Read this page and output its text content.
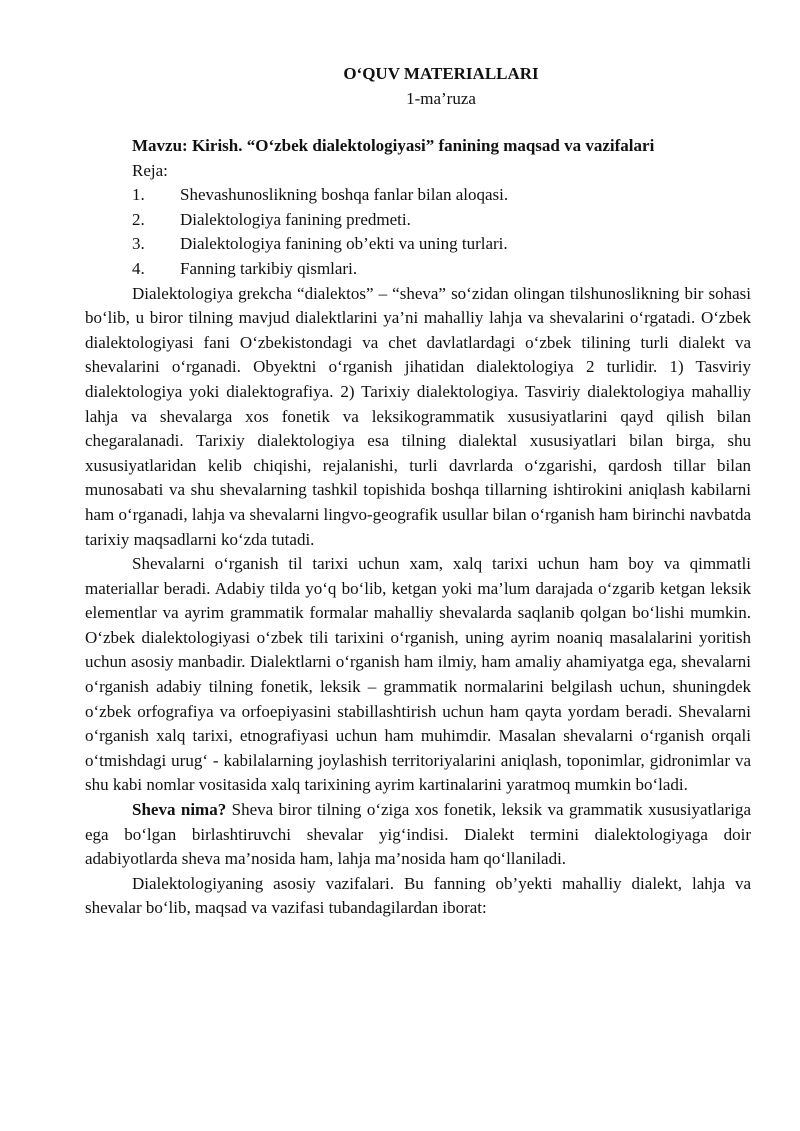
O‘QUV MATERIALLARI
1-ma’ruza
Mavzu: Kirish. “O‘zbek dialektologiyasi” fanining maqsad va vazifalari
Reja:
1.	Shevashunoslikning boshqa fanlar bilan aloqasi.
2.	Dialektologiya fanining predmeti.
3.	Dialektologiya fanining ob’ekti va uning turlari.
4.	Fanning tarkibiy qismlari.

Dialektologiya grekcha “dialektos” – “sheva” so‘zidan olingan tilshunoslikning bir sohasi bo‘lib, u biror tilning mavjud dialektlarini ya’ni mahalliy lahja va shevalarini o‘rgatadi. O‘zbek dialektologiyasi fani O‘zbekistondagi va chet davlatlardagi o‘zbek tilining turli dialekt va shevalarini o‘rganadi. Obyektni o‘rganish jihatidan dialektologiya 2 turlidir. 1) Tasviriy dialektologiya yoki dialektografiya. 2) Tarixiy dialektologiya. Tasviriy dialektologiya mahalliy lahja va shevalarga xos fonetik va leksikogrammatik xususiyatlarini qayd qilish bilan chegaralanadi. Tarixiy dialektologiya esa tilning dialektal xususiyatlari bilan birga, shu xususiyatlaridan kelib chiqishi, rejalanishi, turli davrlarda o‘zgarishi, qardosh tillar bilan munosabati va shu shevalarning tashkil topishida boshqa tillarning ishtirokini aniqlash kabilarni ham o‘rganadi, lahja va shevalarni lingvo-geografik usullar bilan o‘rganish ham birinchi navbatda tarixiy maqsadlarni ko‘zda tutadi.

Shevalarni o‘rganish til tarixi uchun xam, xalq tarixi uchun ham boy va qimmatli materiallar beradi. Adabiy tilda yo‘q bo‘lib, ketgan yoki ma’lum darajada o‘zgarib ketgan leksik elementlar va ayrim grammatik formalar mahalliy shevalarda saqlanib qolgan bo‘lishi mumkin. O‘zbek dialektologiyasi o‘zbek tili tarixini o‘rganish, uning ayrim noaniq masalalarini yoritish uchun asosiy manbadir. Dialektlarni o‘rganish ham ilmiy, ham amaliy ahamiyatga ega, shevalarni o‘rganish adabiy tilning fonetik, leksik – grammatik normalarini belgilash uchun, shuningdek o‘zbek orfografiya va orfoepiyasini stabillashtirish uchun ham qayta yordam beradi. Shevalarni o‘rganish xalq tarixi, etnografiyasi uchun ham muhimdir. Masalan shevalarni o‘rganish orqali o‘tmishdagi urug‘ - kabilalarning joylashish territoriyalarini aniqlash, toponimlar, gidronimlar va shu kabi nomlar vositasida xalq tarixining ayrim kartinalarini yaratmoq mumkin bo‘ladi.

Sheva nima? Sheva biror tilning o‘ziga xos fonetik, leksik va grammatik xususiyatlariga ega bo‘lgan birlashtiruvchi shevalar yig‘indisi. Dialekt termini dialektologiyaga doir adabiyotlarda sheva ma’nosida ham, lahja ma’nosida ham qo‘llaniladi.

Dialektologiyaning asosiy vazifalari. Bu fanning ob’yekti mahalliy dialekt, lahja va shevalar bo‘lib, maqsad va vazifasi tubandagilardan iborat:
